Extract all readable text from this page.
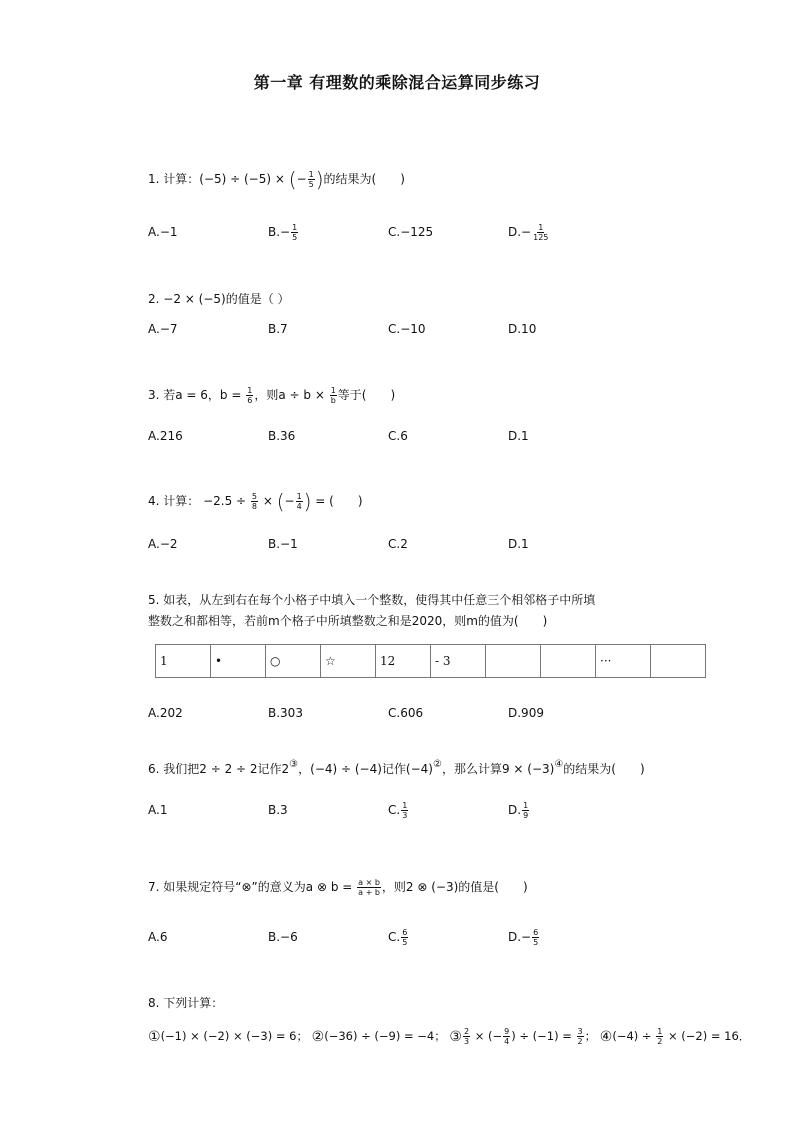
第一章 有理数的乘除混合运算同步练习
1. 计算：(−5) ÷ (−5) × (− $\frac{1}{5}$ )的结果为(　　)
A.−1	$B.- \frac{1}{5}$	C.−125	$D.- \frac{1}{125}$
2. −2 × (−5)的值是（ ）
A.−7	B.7	C.−10	D.10
3. 若a = 6，$b = \frac{1}{6}$ ，则$a \div b \times \frac{1}{b}$ 等于(　　)
A.216	B.36	C.6	D.1
4. 计算： $-2.5 \div \frac{5}{8}$ × (− $\frac{1}{4}$ ) = (　　)
A.−2	B.−1	C.2	D.1
5. 如表，从左到右在每个小格子中填入一个整数，使得其中任意三个相邻格子中所填
整数之和都相等，若前m个格子中所填整数之和是2020，则m的值为(　　)
1	•	○	☆	12	- 3			···	
A.202	B.303	C.606	D.909
6. 我们把2 ÷ 2 ÷ 2记作2③，(−4) ÷ (−4)记作(−4)②，那么计算9 × (−3)④的结果为(　　)
A.1	B.3	C. $\frac{1}{3}$	D. $\frac{1}{9}$
7. 如果规定符号“⊗”的意义为a ⊗ $b = \frac{a \times b}{a + b}$ ，则2 ⊗ (−3)的值是(　　)
A.6	B.−6	C. $\frac{6}{5}$	$D.- \frac{6}{5}$
8. 下列计算：
①(−1) × (−2) × (−3) = 6； ②(−36) ÷ (−9) = −4； ③ $\frac{2}{3}$ × (− $\frac{9}{4}$ ) ÷ $(-1) = \frac{3}{2}$ ； ④(−4) ÷ $\frac{1}{2} \times (-2) = 16$．
